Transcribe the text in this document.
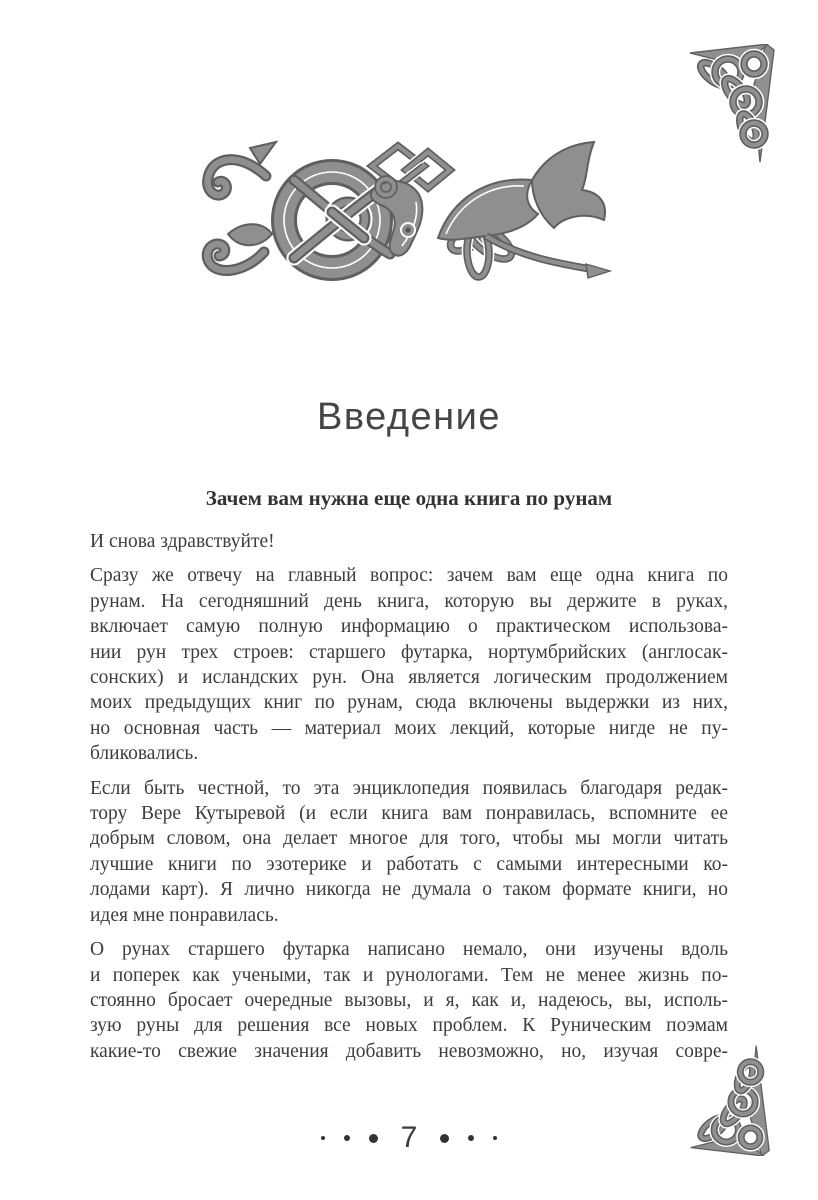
Введение
Зачем вам нужна еще одна книга по рунам
И снова здравствуйте!
Сразу же отвечу на главный вопрос: зачем вам еще одна книга по
рунам. На сегодняшний день книга, которую вы держите в руках,
включает самую полную информацию о практическом использова-
нии рун трех строев: старшего футарка, нортумбрийских (англосак-
сонских) и исландских рун. Она является логическим продолжением
моих предыдущих книг по рунам, сюда включены выдержки из них,
но основная часть — материал моих лекций, которые нигде не пу-
бликовались.
Если быть честной, то эта энциклопедия появилась благодаря редак-
тору Вере Кутыревой (и если книга вам понравилась, вспомните ее
добрым словом, она делает многое для того, чтобы мы могли читать
лучшие книги по эзотерике и работать с самыми интересными ко-
лодами карт). Я лично никогда не думала о таком формате книги, но
идея мне понравилась.
О рунах старшего футарка написано немало, они изучены вдоль
и поперек как учеными, так и рунологами. Тем не менее жизнь по-
стоянно бросает очередные вызовы, и я, как и, надеюсь, вы, исполь-
зую руны для решения все новых проблем. К Руническим поэмам
какие-то свежие значения добавить невозможно, но, изучая совре-
7
